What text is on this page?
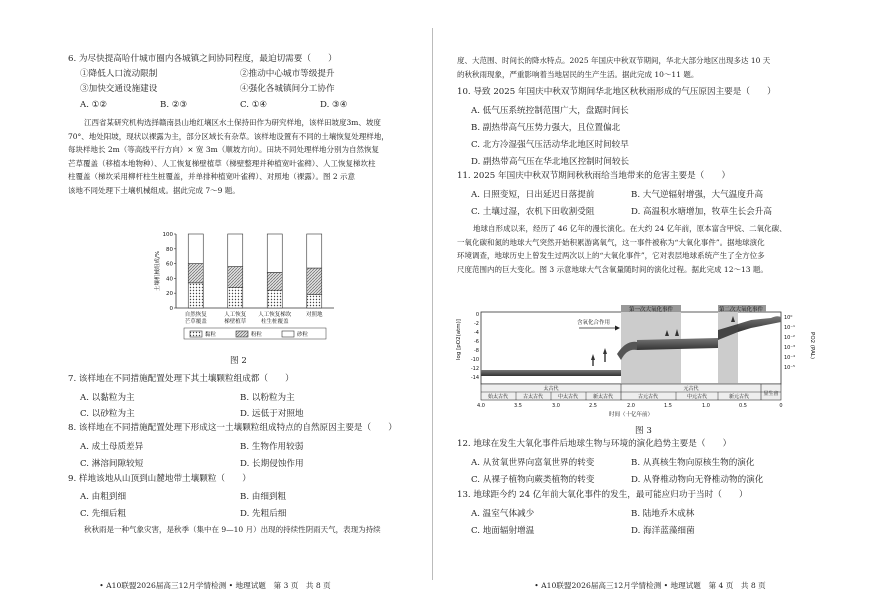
6. 为尽快提高哈什城市圈内各城镇之间协同程度，最迫切需要（　　）
①降低人口流动限制	②推动中心城市等级提升
③加快交通设施建设	④强化各城镇间分工协作
A. ①②	B. ②③	C. ①④	D. ③④
江西省某研究机构选择赣南县山地红壤区水土保持田作为研究样地，该样田坡度3m、坡度
70°、地处阳坡，现状以裸露为主，部分区域长有杂草。该样地设置有不同的土壤恢复处理样地，
每块样地长 2m（等高线平行方向）× 宽 3m（顺坡方向）。田块不同处理样地分别为自然恢复
芒草覆盖（移植本地物种）、人工恢复梯壁植草（梯壁整理并种植宽叶雀稗）、人工恢复梯坎柱
柱覆盖（梯坎采用柳杆柱生桩覆盖，并单排种植宽叶雀稗）、对照地（裸露）。图 2 示意
该地不同处理下土壤机械组成。据此完成 7～9 题。
0
20
40
60
80
100
土壤机械组成/%
自然恢复
芒草覆盖
人工恢复
梯壁植草
人工恢复梯坎
柱生桩覆盖
对照地
黏粒	粉粒	砂粒
图 2
7. 该样地在不同措施配置处理下其土壤颗粒组成都（　　）
A. 以黏粒为主	B. 以粉粒为主
C. 以砂粒为主	D. 远低于对照地
8. 该样地在不同措施配置处理下形成这一土壤颗粒组成特点的自然原因主要是（　　）
A. 成土母质差异	B. 生物作用较弱
C. 淋溶间隙较短	D. 长期侵蚀作用
9. 样地该地从山顶到山麓地带土壤颗粒（　　）
A. 由粗到细	B. 由细到粗
C. 先细后粗	D. 先粗后细
秋秋雨是一种气象灾害，是秋季（集中在 9—10 月）出现的持续性阴雨天气，表现为持续
• A10联盟2026届高三12月学情检测 • 地理试题　第 3 页　共 8 页
度、大范围、时间长的降水特点。2025 年国庆中秋双节期间，华北大部分地区出现多达 10 天
的秋秋雨现象，严重影响着当地居民的生产生活。据此完成 10～11 题。
10. 导致 2025 年国庆中秋双节期间华北地区秋秋雨形成的气压原因主要是（　　）
A. 低气压系统控制范围广大，盘踞时间长
B. 副热带高气压势力强大，且位置偏北
C. 北方冷湿强气压活动华北地区时间较早
D. 副热带高气压在华北地区控制时间较长
11. 2025 年国庆中秋双节期间秋秋雨给当地带来的危害主要是（　　）
A. 日照变短，日出延迟日落提前	B. 大气逆辐射增强，大气温度升高
C. 土壤过湿，农机下田收割受阻	D. 高温积水塘增加，牧草生长会升高
地球自形成以来，经历了 46 亿年的漫长演化。在大约 24 亿年前，原本富含甲烷、二氧化碳、
一氧化碳和氮的地球大气突然开始积累游离氧气，这一事件被称为“大氧化事件”。据地球演化
环境调查，地球历史上曾发生过两次以上的“大氧化事件”，它对表层地球系统产生了全方位多
尺度范围内的巨大变化。图 3 示意地球大气含氧量随时间的演化过程。据此完成 12～13 题。
第一次大氧化事件	第二次大氧化事件
含氧化合作用
log [pO2(atm)]
0
-2
-4
-6
-8
-10
-12
-14
PO2 (PAL)
10⁰
10⁻¹
10⁻²
10⁻³
10⁻⁴
10⁻⁵
太古代	元古代
显生宙
始太古代	古太古代	中太古代	新太古代	古元古代	中元古代	新元古代
4.0	3.5	3.0	2.5	2.0	1.5	1.0	0.5	0
时间（十亿年前）
图 3
12. 地球在发生大氧化事件后地球生物与环境的演化趋势主要是（　　）
A. 从贫氧世界向富氧世界的转变	B. 从真核生物向原核生物的演化
C. 从裸子植物向蕨类植物的转变	D. 从脊椎动物向无脊椎动物的演化
13. 地球距今约 24 亿年前大氧化事件的发生，最可能应归功于当时（　　）
A. 温室气体减少	B. 陆地乔木成林
C. 地面辐射增温	D. 海洋蓝藻细菌
• A10联盟2026届高三12月学情检测 • 地理试题　第 4 页　共 8 页
